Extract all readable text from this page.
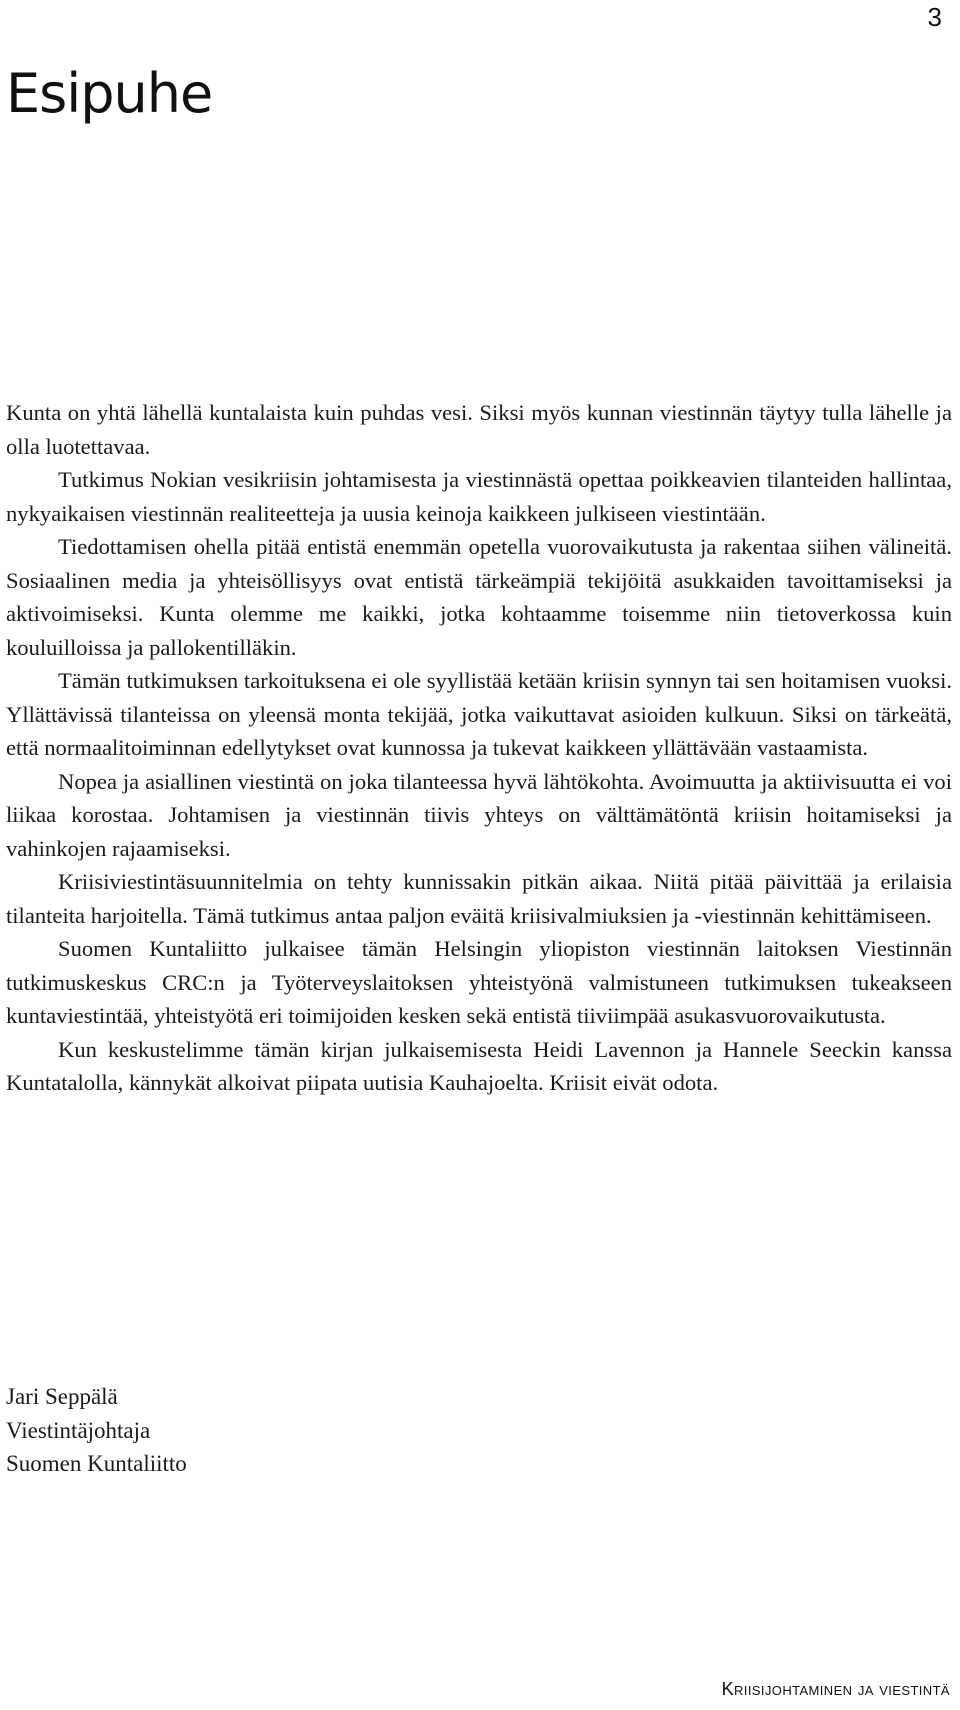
3
Esipuhe

Kunta on yhtä lähellä kuntalaista kuin puhdas vesi. Siksi myös kunnan viestinnän täytyy tulla lähelle ja olla luotettavaa.

Tutkimus Nokian vesikriisin johtamisesta ja viestinnästä opettaa poikkeavien tilanteiden hallintaa, nykyaikaisen viestinnän realiteetteja ja uusia keinoja kaikkeen julkiseen viestintään.

Tiedottamisen ohella pitää entistä enemmän opetella vuorovaikutusta ja rakentaa siihen välineitä. Sosiaalinen media ja yhteisöllisyys ovat entistä tärkeämpiä tekijöitä asukkaiden tavoittamiseksi ja aktivoimiseksi. Kunta olemme me kaikki, jotka kohtaamme toisemme niin tietoverkossa kuin kouluilloissa ja pallokentilläkin.

Tämän tutkimuksen tarkoituksena ei ole syyllistää ketään kriisin synnyn tai sen hoitamisen vuoksi. Yllättävissä tilanteissa on yleensä monta tekijää, jotka vaikuttavat asioiden kulkuun. Siksi on tärkeätä, että normaalitoiminnan edellytykset ovat kunnossa ja tukevat kaikkeen yllättävään vastaamista.

Nopea ja asiallinen viestintä on joka tilanteessa hyvä lähtökohta. Avoimuutta ja aktiivisuutta ei voi liikaa korostaa. Johtamisen ja viestinnän tiivis yhteys on välttämätöntä kriisin hoitamiseksi ja vahinkojen rajaamiseksi.

Kriisiviestintäsuunnitelmia on tehty kunnissakin pitkän aikaa. Niitä pitää päivittää ja erilaisia tilanteita harjoitella. Tämä tutkimus antaa paljon eväitä kriisivalmiuksien ja -viestinnän kehittämiseen.

Suomen Kuntaliitto julkaisee tämän Helsingin yliopiston viestinnän laitoksen Viestinnän tutkimuskeskus CRC:n ja Työterveyslaitoksen yhteistyönä valmistuneen tutkimuksen tukeakseen kuntaviestintää, yhteistyötä eri toimijoiden kesken sekä entistä tiiviimpää asukasvuorovaikutusta.

Kun keskustelimme tämän kirjan julkaisemisesta Heidi Lavennon ja Hannele Seeckin kanssa Kuntatalolla, kännykät alkoivat piipata uutisia Kauhajoelta. Kriisit eivät odota.

Jari Seppälä
Viestintäjohtaja
Suomen Kuntaliitto
Kriisijohtaminen ja viestintä
